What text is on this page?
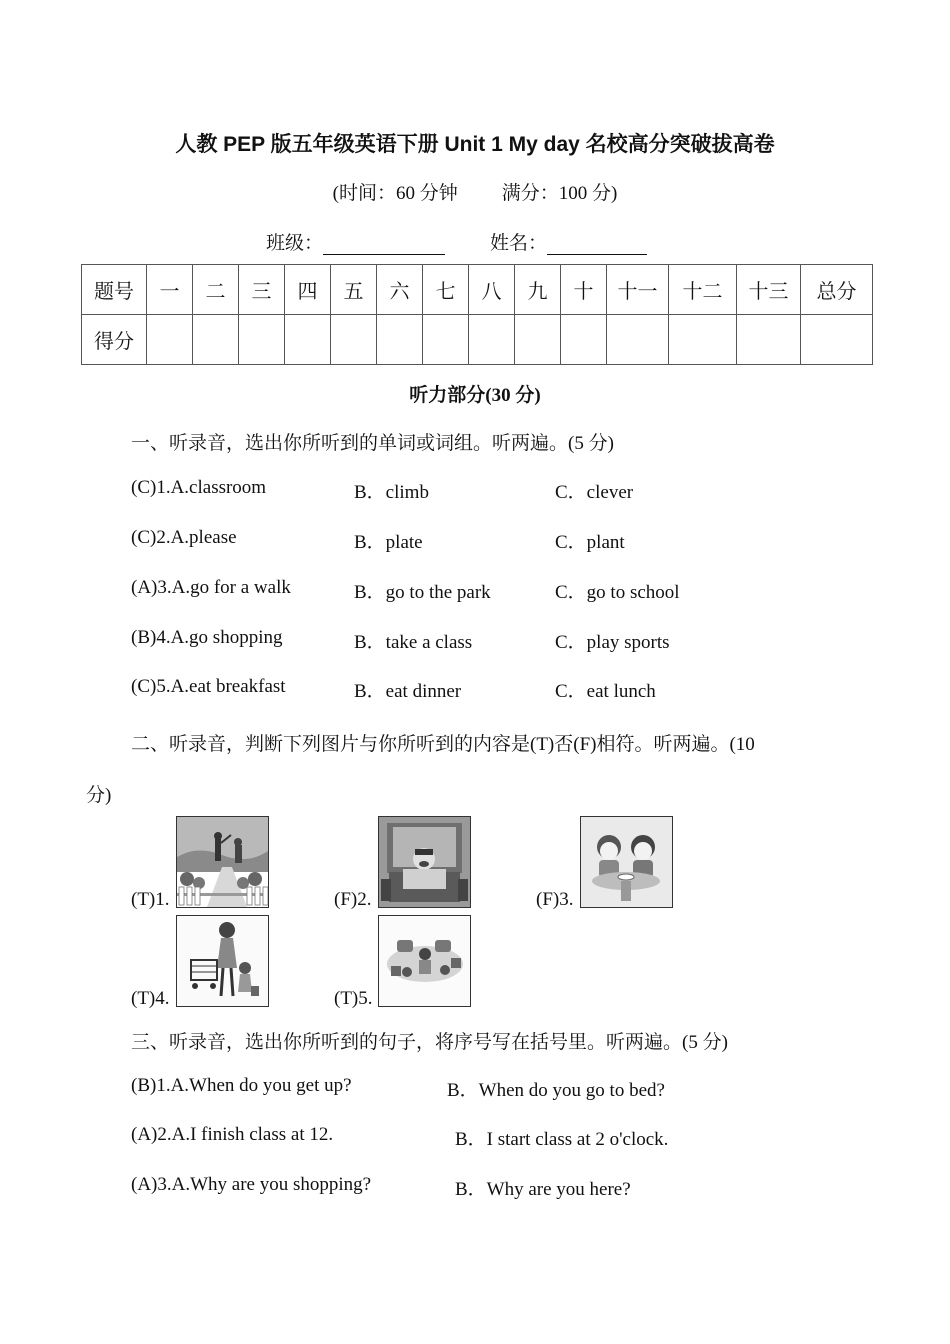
人教 PEP 版五年级英语下册 Unit 1 My day 名校高分突破拔高卷
(时间：60 分钟 满分：100 分)
班级：	姓名：
题号	一	二	三	四	五	六	七	八	九	十	十一	十二	十三	总分
得分														
听力部分(30 分)
一、听录音，选出你所听到的单词或词组。听两遍。(5 分)
(C)1.A.classroom	B．climb	C．clever
(C)2.A.please	B．plate	C．plant
(A)3.A.go for a walk	B．go to the park	C．go to school
(B)4.A.go shopping	B．take a class	C．play sports
(C)5.A.eat breakfast	B．eat dinner	C．eat lunch
二、听录音，判断下列图片与你所听到的内容是(T)否(F)相符。听两遍。(10
分)
(T)1.	(F)2.	(F)3.
(T)4.	(T)5.
三、听录音，选出你所听到的句子，将序号写在括号里。听两遍。(5 分)
(B)1.A.When do you get up?	B．When do you go to bed?
(A)2.A.I finish class at 12.	B．I start class at 2 o'clock.
(A)3.A.Why are you shopping?	B．Why are you here?
